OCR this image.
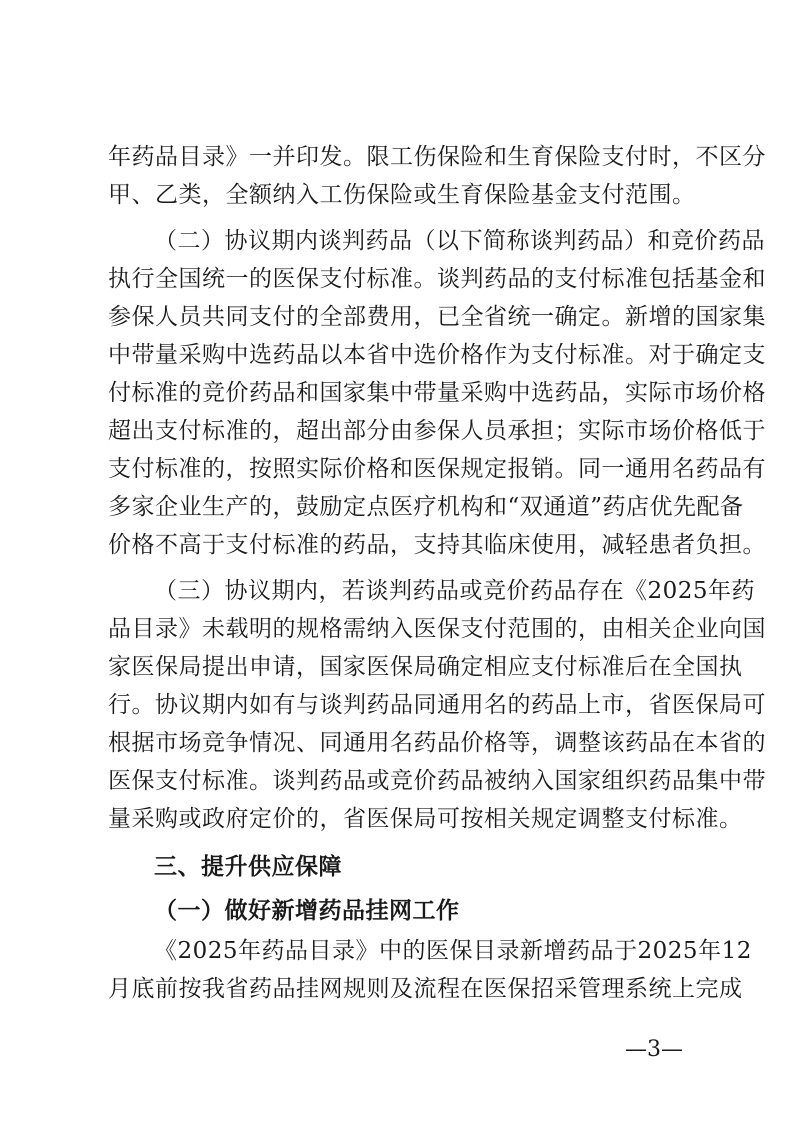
年药品目录》一并印发。限工伤保险和生育保险支付时，不区分
甲、乙类，全额纳入工伤保险或生育保险基金支付范围。
（二）协议期内谈判药品（以下简称谈判药品）和竞价药品
执行全国统一的医保支付标准。谈判药品的支付标准包括基金和
参保人员共同支付的全部费用，已全省统一确定。新增的国家集
中带量采购中选药品以本省中选价格作为支付标准。对于确定支
付标准的竞价药品和国家集中带量采购中选药品，实际市场价格
超出支付标准的，超出部分由参保人员承担；实际市场价格低于
支付标准的，按照实际价格和医保规定报销。同一通用名药品有
多家企业生产的，鼓励定点医疗机构和“双通道”药店优先配备
价格不高于支付标准的药品，支持其临床使用，减轻患者负担。
（三）协议期内，若谈判药品或竞价药品存在《2025年药
品目录》未载明的规格需纳入医保支付范围的，由相关企业向国
家医保局提出申请，国家医保局确定相应支付标准后在全国执
行。协议期内如有与谈判药品同通用名的药品上市，省医保局可
根据市场竞争情况、同通用名药品价格等，调整该药品在本省的
医保支付标准。谈判药品或竞价药品被纳入国家组织药品集中带
量采购或政府定价的，省医保局可按相关规定调整支付标准。
三、提升供应保障
（一）做好新增药品挂网工作
《2025年药品目录》中的医保目录新增药品于2025年12
月底前按我省药品挂网规则及流程在医保招采管理系统上完成
—3—
